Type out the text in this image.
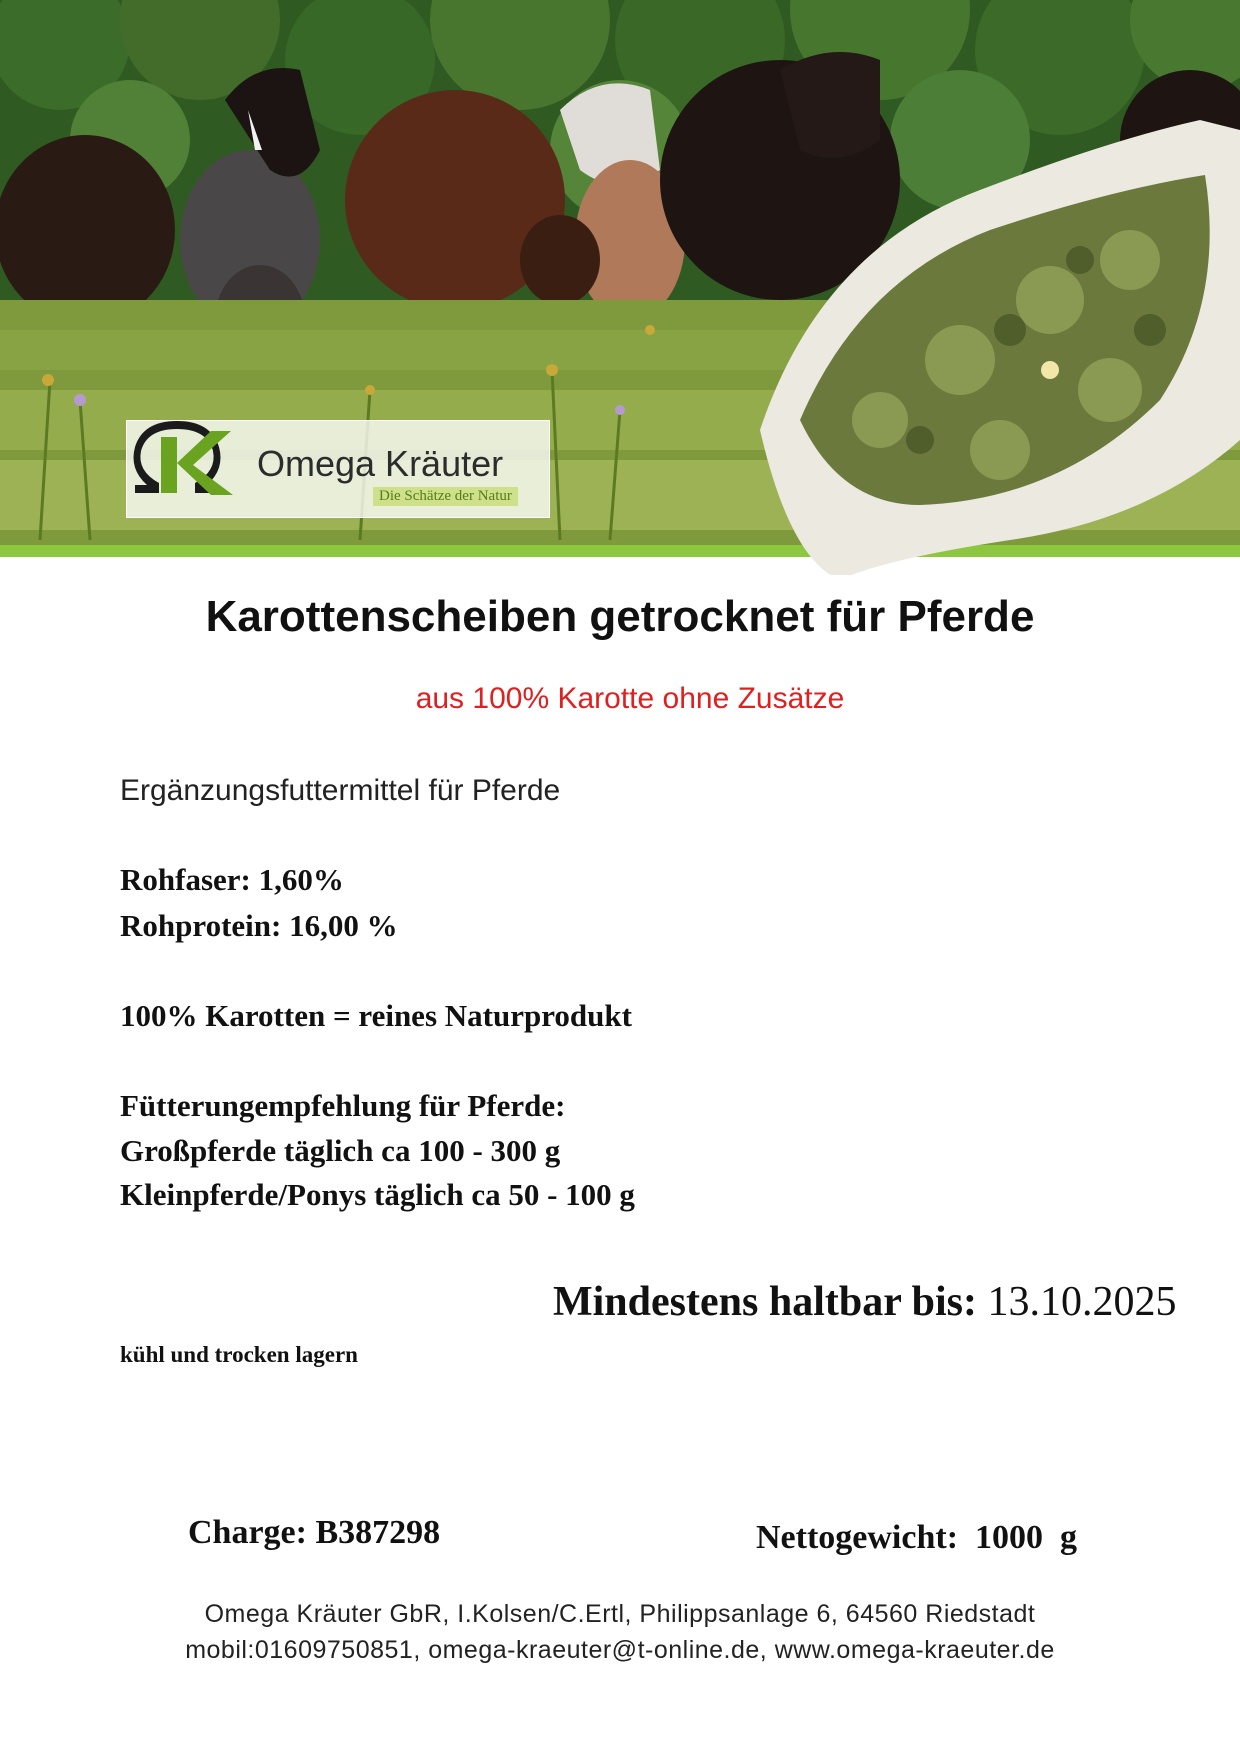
Omega Kräuter
Die Schätze der Natur
Karottenscheiben getrocknet für Pferde

aus 100% Karotte ohne Zusätze

Ergänzungsfuttermittel für Pferde

Rohfaser: 1,60%

Rohprotein: 16,00 %

100% Karotten = reines Naturprodukt

Fütterungempfehlung für Pferde:

Großpferde täglich ca 100 - 300 g

Kleinpferde/Ponys täglich ca 50 - 100 g

Mindestens haltbar bis: 13.10.2025

kühl und trocken lagern

Charge: B387298	Nettogewicht:  1000  g

Omega Kräuter GbR, I.Kolsen/C.Ertl, Philippsanlage 6, 64560 Riedstadt

mobil:01609750851, omega-kraeuter@t-online.de, www.omega-kraeuter.de
